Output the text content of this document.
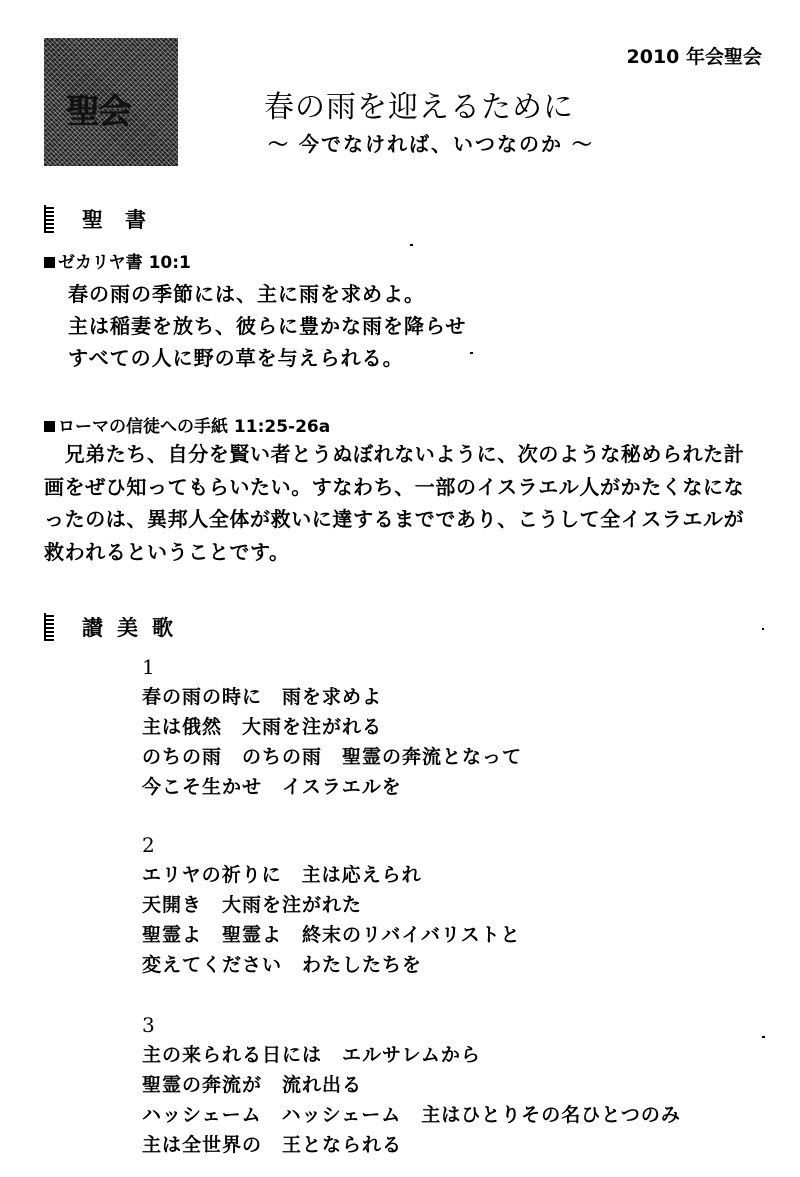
聖会
2010 年会聖会
春の雨を迎えるために
～ 今でなければ、いつなのか ～
聖書
ゼカリヤ書 10:1
春の雨の季節には、主に雨を求めよ。
主は稲妻を放ち、彼らに豊かな雨を降らせ
すべての人に野の草を与えられる。
ローマの信徒への手紙 11:25-26a
　兄弟たち、自分を賢い者とうぬぼれないように、次のような秘められた計
画をぜひ知ってもらいたい。すなわち、一部のイスラエル人がかたくなにな
ったのは、異邦人全体が救いに達するまでであり、こうして全イスラエルが
救われるということです。
讃美歌
1
春の雨の時に　雨を求めよ
主は俄然　大雨を注がれる
のちの雨　のちの雨　聖霊の奔流となって
今こそ生かせ　イスラエルを
2
エリヤの祈りに　主は応えられ
天開き　大雨を注がれた
聖霊よ　聖霊よ　終末のリバイバリストと
変えてください　わたしたちを
3
主の来られる日には　エルサレムから
聖霊の奔流が　流れ出る
ハッシェーム　ハッシェーム　主はひとりその名ひとつのみ
主は全世界の　王となられる
